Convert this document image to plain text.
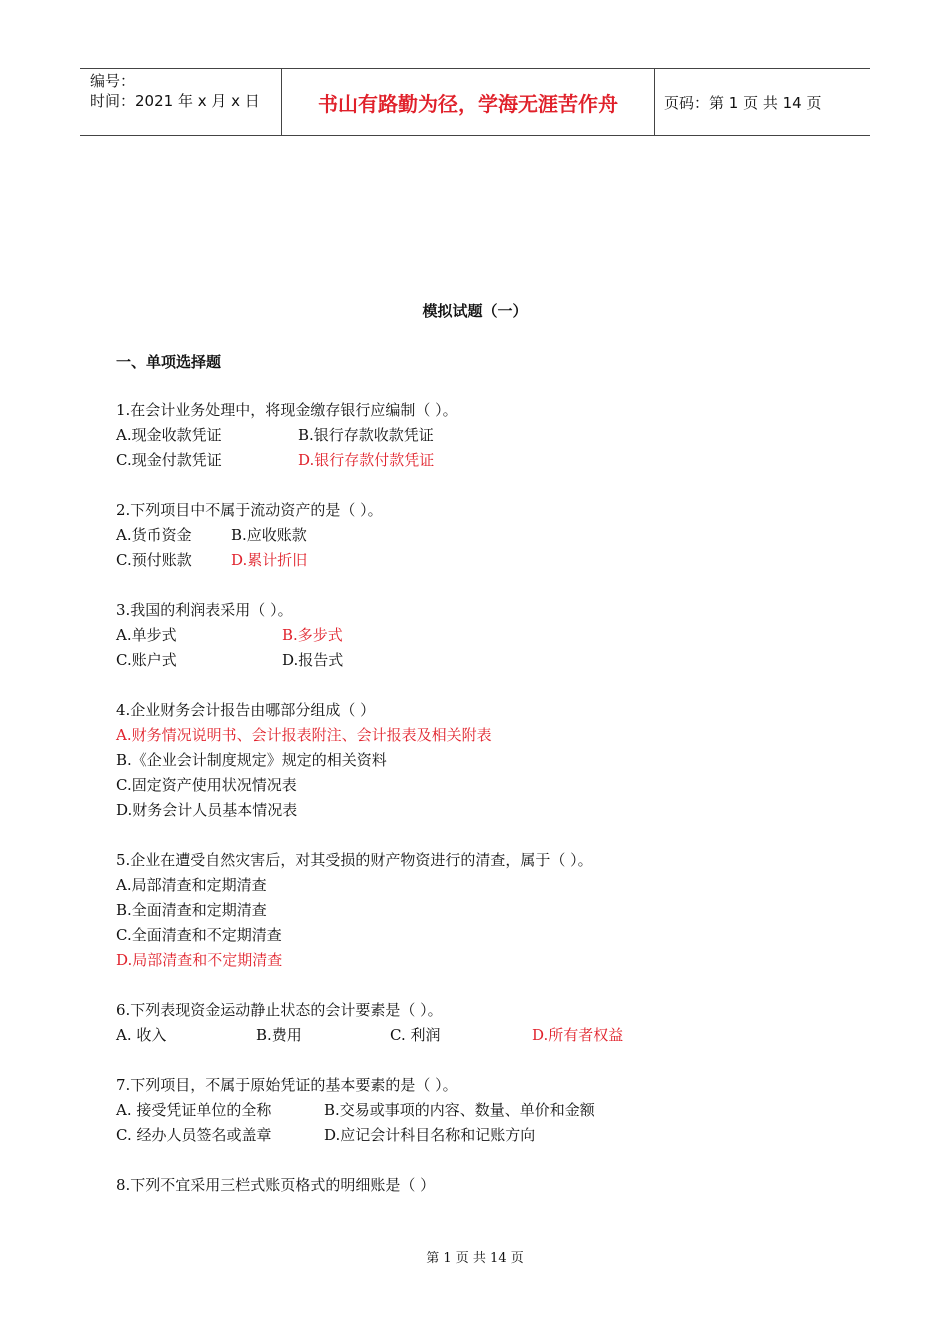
编号：
时间：2021 年 x 月 x 日	书山有路勤为径，学海无涯苦作舟	页码：第 1 页 共 14 页
模拟试题（一）
一、单项选择题
1.在会计业务处理中，将现金缴存银行应编制（ ）。
A.现金收款凭证	B.银行存款收款凭证
C.现金付款凭证	D.银行存款付款凭证
2.下列项目中不属于流动资产的是（ ）。
A.货币资金	B.应收账款
C.预付账款	D.累计折旧
3.我国的利润表采用（ ）。
A.单步式	B.多步式
C.账户式	D.报告式
4.企业财务会计报告由哪部分组成（ ）
A.财务情况说明书、会计报表附注、会计报表及相关附表
B.《企业会计制度规定》规定的相关资料
C.固定资产使用状况情况表
D.财务会计人员基本情况表
5.企业在遭受自然灾害后，对其受损的财产物资进行的清查，属于（ ）。
A.局部清查和定期清查
B.全面清查和定期清查
C.全面清查和不定期清查
D.局部清查和不定期清查
6.下列表现资金运动静止状态的会计要素是（ ）。
A. 收入	B.费用	C. 利润	D.所有者权益
7.下列项目，不属于原始凭证的基本要素的是（ ）。
A. 接受凭证单位的全称	B.交易或事项的内容、数量、单价和金额
C. 经办人员签名或盖章	D.应记会计科目名称和记账方向
8.下列不宜采用三栏式账页格式的明细账是（ ）
第 1 页 共 14 页
